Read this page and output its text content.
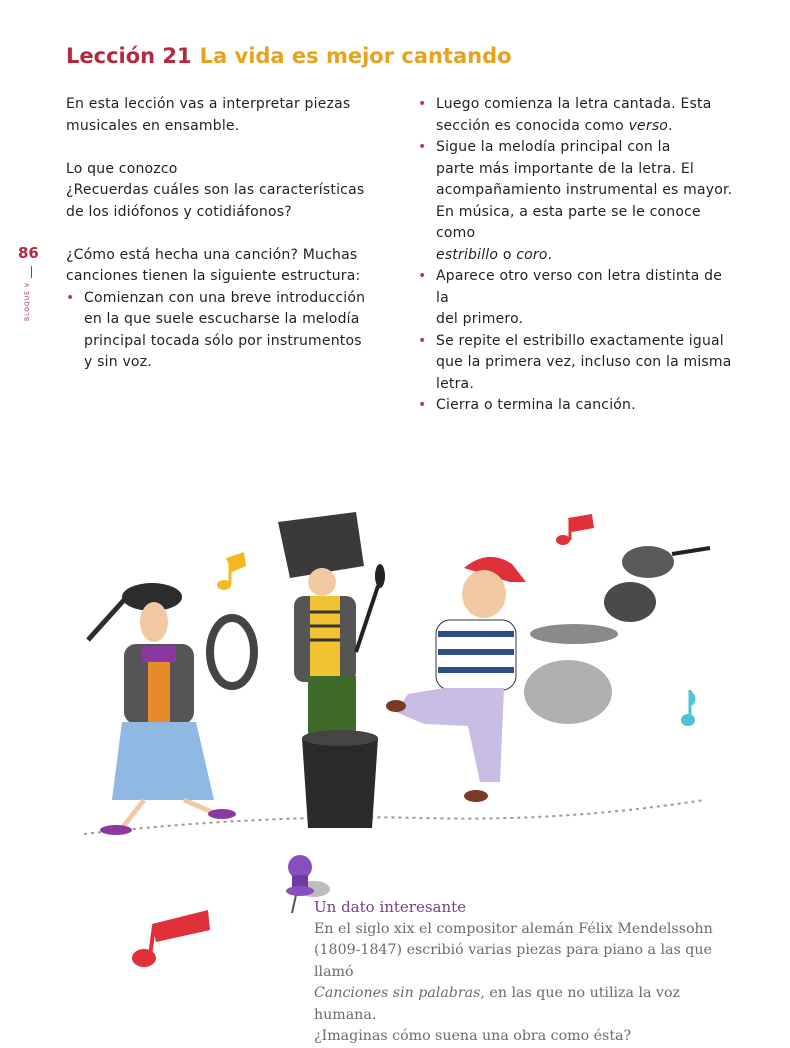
Lección 21 La vida es mejor cantando
86
BLOQUE V

En esta lección vas a interpretar piezas
musicales en ensamble.

Lo que conozco

¿Recuerdas cuáles son las características
de los idiófonos y cotidiáfonos?

¿Cómo está hecha una canción? Muchas
canciones tienen la siguiente estructura:

• Comienzan con una breve introducción
en la que suele escucharse la melodía
principal tocada sólo por instrumentos
y sin voz.
• Luego comienza la letra cantada. Esta
sección es conocida como verso.
• Sigue la melodía principal con la
parte más importante de la letra. El
acompañamiento instrumental es mayor.
En música, a esta parte se le conoce como
estribillo o coro.
• Aparece otro verso con letra distinta de la
del primero.
• Se repite el estribillo exactamente igual
que la primera vez, incluso con la misma
letra.
• Cierra o termina la canción.
Un dato interesante
En el siglo xix el compositor alemán Félix Mendelssohn
(1809-1847) escribió varias piezas para piano a las que llamó
Canciones sin palabras, en las que no utiliza la voz humana.
¿Imaginas cómo suena una obra como ésta?
